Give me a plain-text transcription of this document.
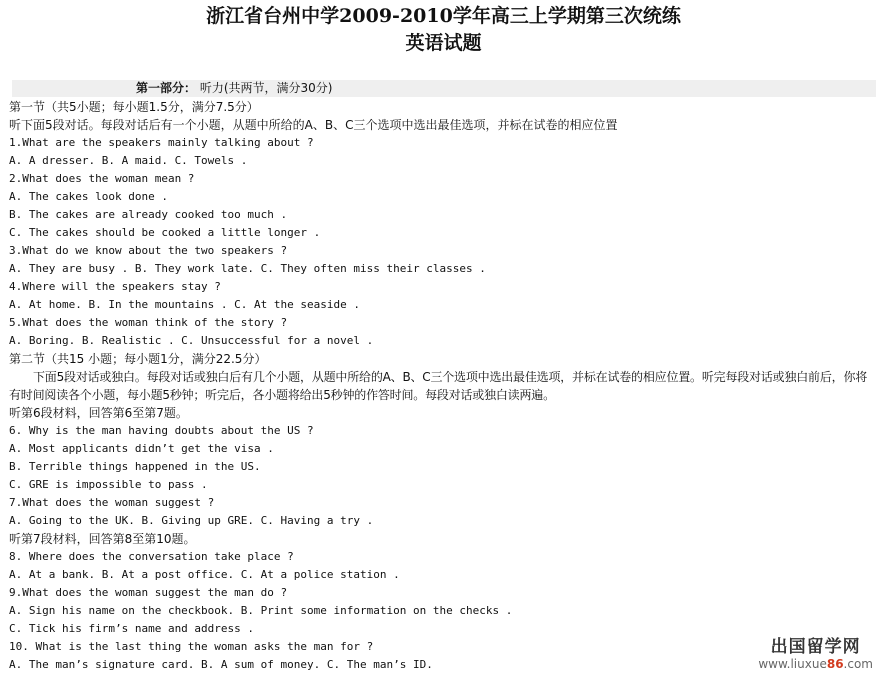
浙江省台州中学2009-2010学年高三上学期第三次统练
英语试题
第一部分： 听力(共两节，满分30分)

第一节（共5小题；每小题1.5分，满分7.5分）

听下面5段对话。每段对话后有一个小题，从题中所给的A、B、C三个选项中选出最佳选项，并标在试卷的相应位置

1.What are the speakers mainly talking about ?

A. A dresser. B. A maid. C. Towels .

2.What does the woman mean ?

A. The cakes look done .

B. The cakes are already cooked too much .

C. The cakes should be cooked a little longer .

3.What do we know about the two speakers ?

A. They are busy . B. They work late. C. They often miss their classes .

4.Where will the speakers stay ?

A. At home. B. In the mountains . C. At the seaside .

5.What does the woman think of the story ?

A. Boring. B. Realistic . C. Unsuccessful for a novel .

第二节（共15 小题；每小题1分，满分22.5分）

下面5段对话或独白。每段对话或独白后有几个小题，从题中所给的A、B、C三个选项中选出最佳选项，并标在试卷的相应位置。听完每段对话或独白前后，你将有时间阅读各个小题，每小题5秒钟；听完后，各小题将给出5秒钟的作答时间。每段对话或独白读两遍。

听第6段材料，回答第6至第7题。

6. Why is the man having doubts about the US ?

A. Most applicants didn’t get the visa .

B. Terrible things happened in the US.

C. GRE is impossible to pass .

7.What does the woman suggest ?

A. Going to the UK. B. Giving up GRE. C. Having a try .

听第7段材料，回答第8至第10题。

8. Where does the conversation take place ?

A. At a bank. B. At a post office. C. At a police station .

9.What does the woman suggest the man do ?

A. Sign his name on the checkbook. B. Print some information on the checks .

C. Tick his firm’s name and address .

10. What is the last thing the woman asks the man for ?

A. The man’s signature card. B. A sum of money. C. The man’s ID.

出国留学网
www.liuxue86.com
